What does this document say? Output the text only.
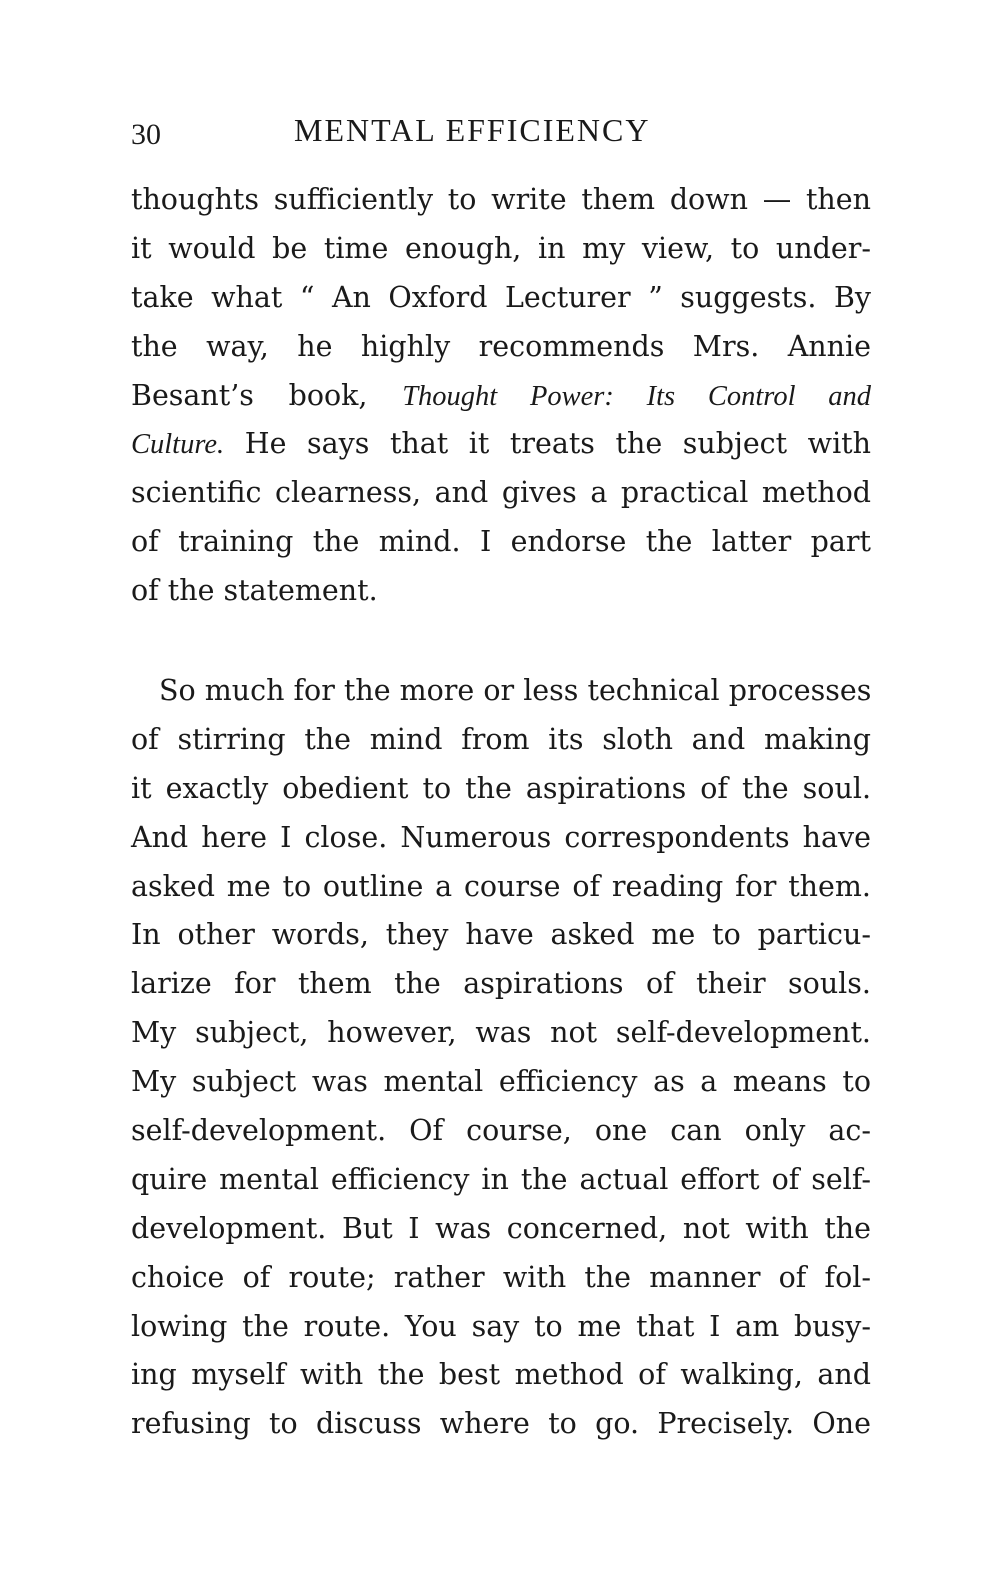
30	MENTAL EFFICIENCY
thoughts sufficiently to write them down — then
it would be time enough, in my view, to under-
take what “ An Oxford Lecturer ” suggests. By
the way, he highly recommends Mrs. Annie
Besant’s book, Thought Power: Its Control and
Culture. He says that it treats the subject with
scientific clearness, and gives a practical method
of training the mind. I endorse the latter part
of the statement.
So much for the more or less technical processes
of stirring the mind from its sloth and making
it exactly obedient to the aspirations of the soul.
And here I close. Numerous correspondents have
asked me to outline a course of reading for them.
In other words, they have asked me to particu-
larize for them the aspirations of their souls.
My subject, however, was not self-development.
My subject was mental efficiency as a means to
self-development. Of course, one can only ac-
quire mental efficiency in the actual effort of self-
development. But I was concerned, not with the
choice of route; rather with the manner of fol-
lowing the route. You say to me that I am busy-
ing myself with the best method of walking, and
refusing to discuss where to go. Precisely. One
